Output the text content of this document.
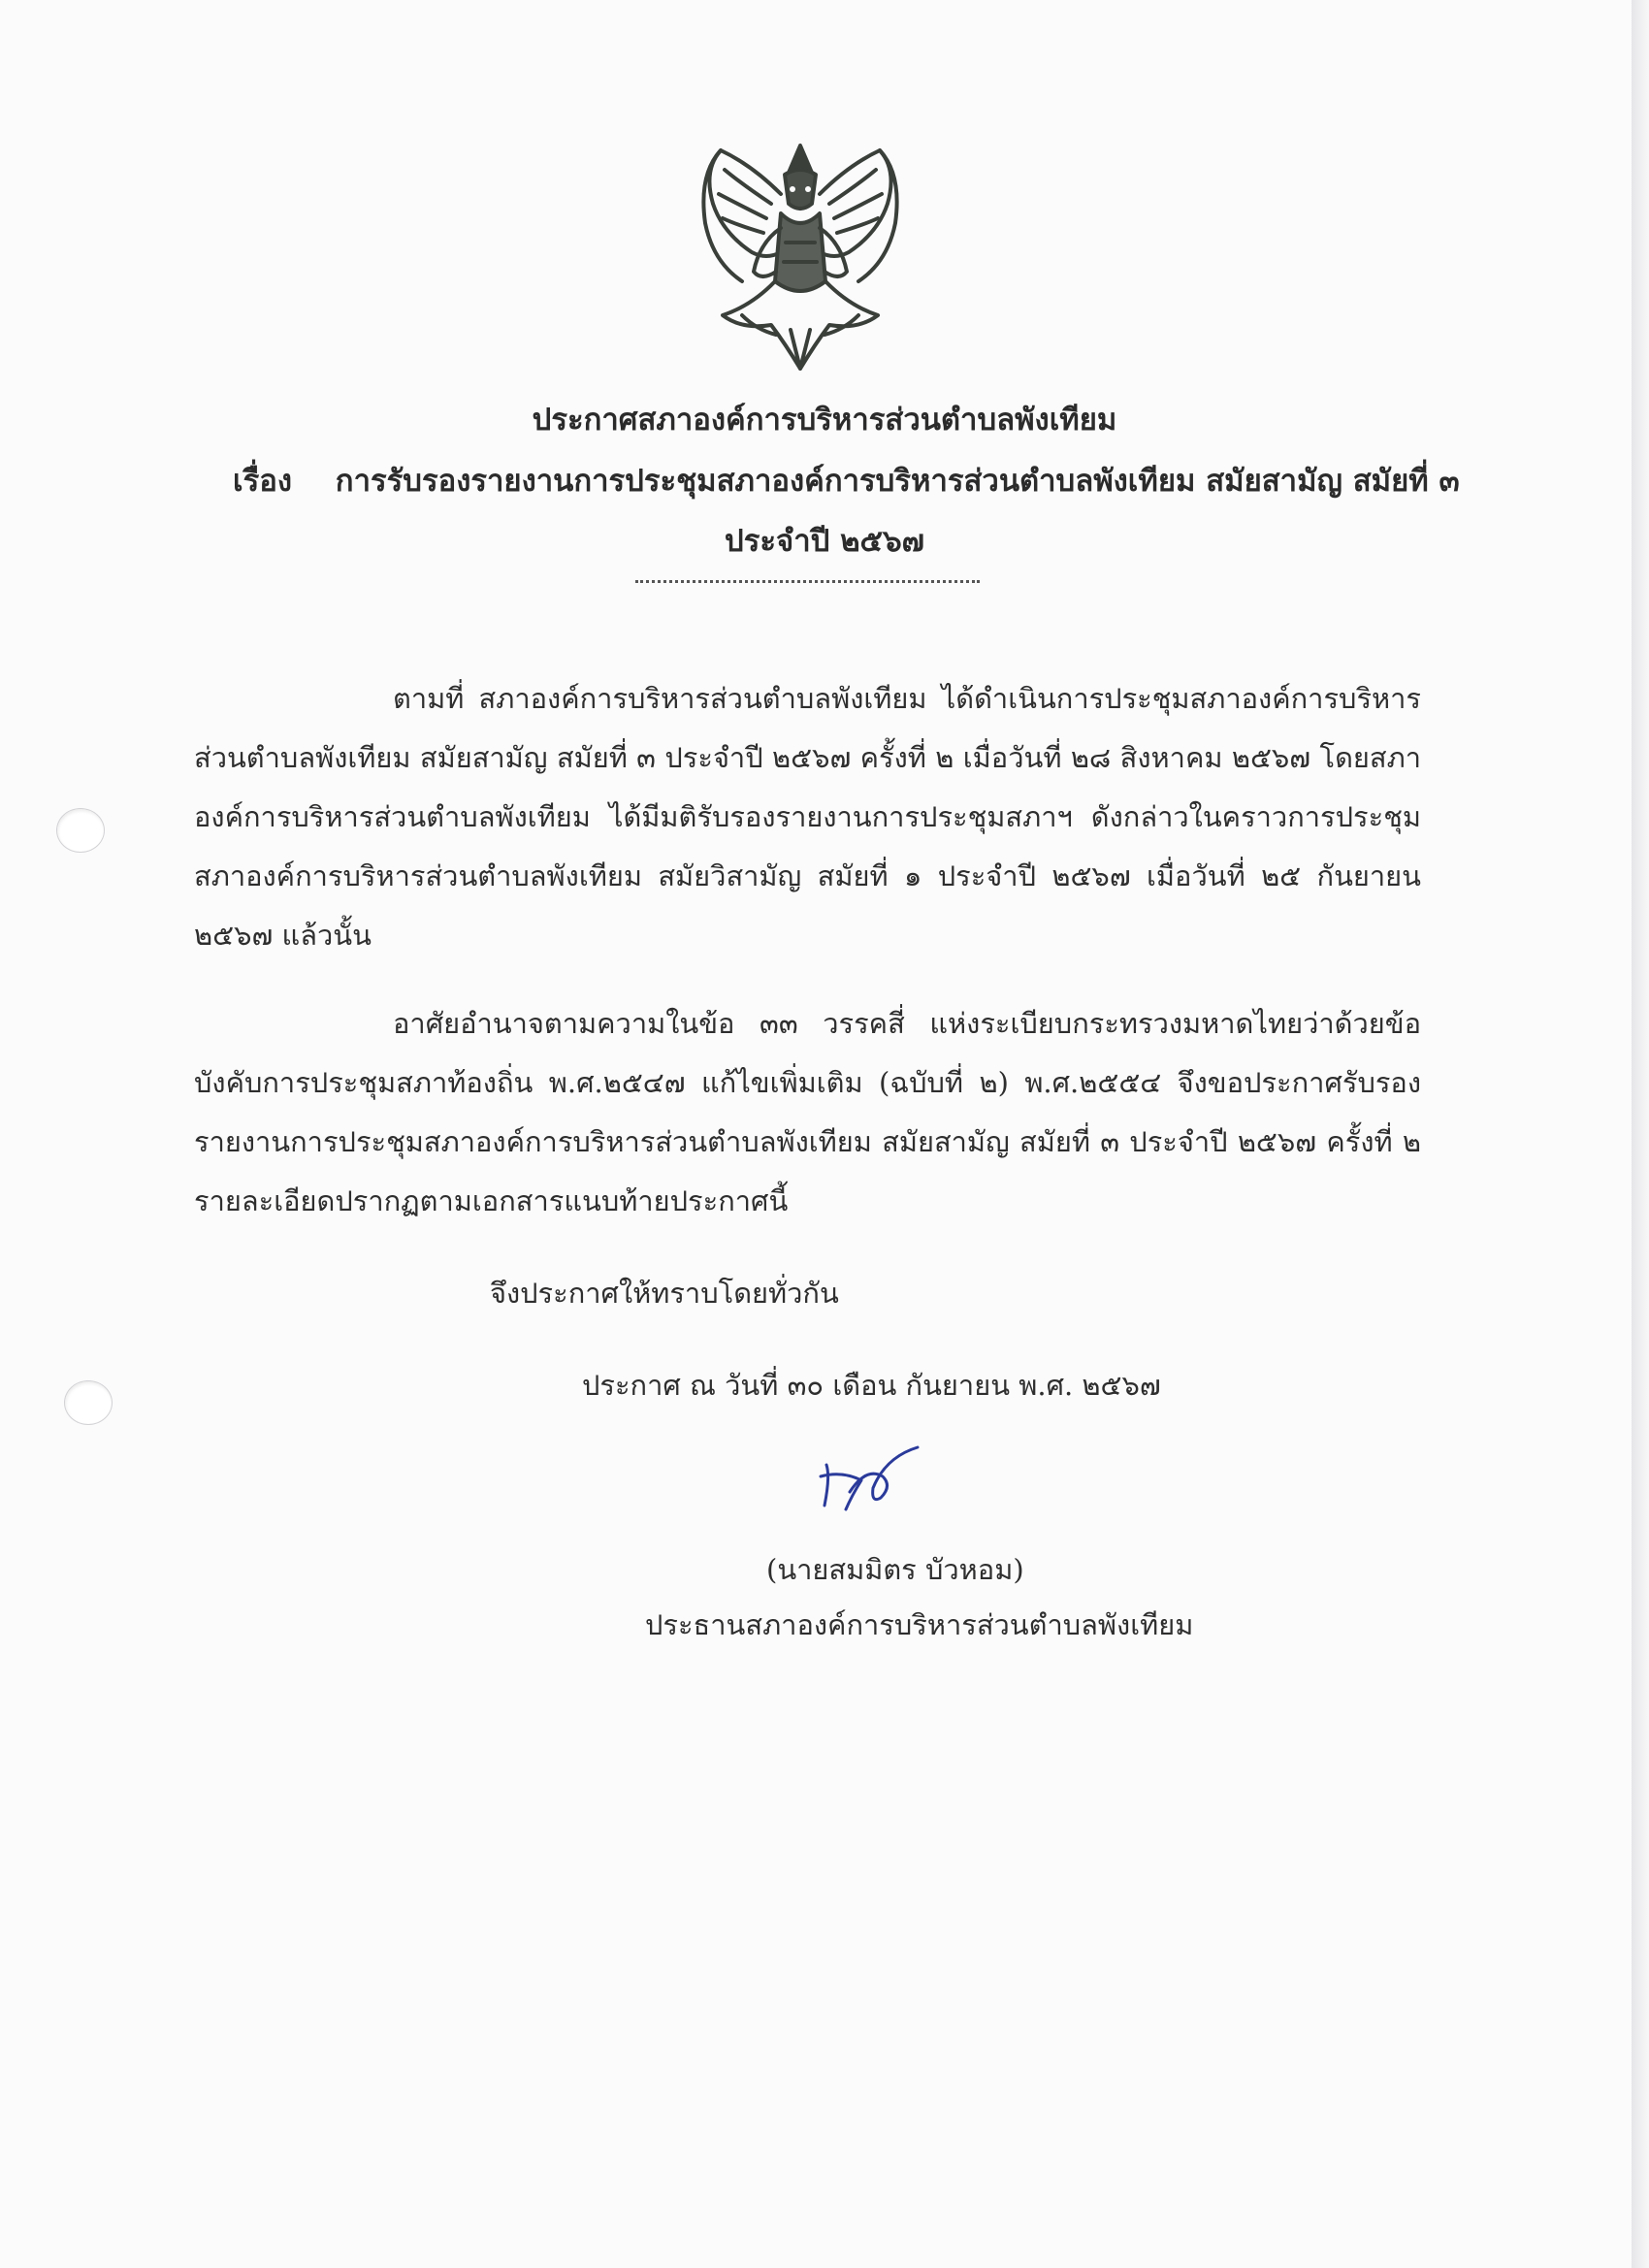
ประกาศสภาองค์การบริหารส่วนตำบลพังเทียม
เรื่อง การรับรองรายงานการประชุมสภาองค์การบริหารส่วนตำบลพังเทียม สมัยสามัญ สมัยที่ ๓
ประจำปี ๒๕๖๗
ตามที่ สภาองค์การบริหารส่วนตำบลพังเทียม ได้ดำเนินการประชุมสภาองค์การบริหารส่วนตำบลพังเทียม สมัยสามัญ สมัยที่ ๓ ประจำปี ๒๕๖๗ ครั้งที่ ๒ เมื่อวันที่ ๒๘ สิงหาคม ๒๕๖๗ โดยสภาองค์การบริหารส่วนตำบลพังเทียม ได้มีมติรับรองรายงานการประชุมสภาฯ ดังกล่าวในคราวการประชุมสภาองค์การบริหารส่วนตำบลพังเทียม สมัยวิสามัญ สมัยที่ ๑ ประจำปี ๒๕๖๗ เมื่อวันที่ ๒๕ กันยายน ๒๕๖๗ แล้วนั้น
อาศัยอำนาจตามความในข้อ ๓๓ วรรคสี่ แห่งระเบียบกระทรวงมหาดไทยว่าด้วยข้อบังคับการประชุมสภาท้องถิ่น พ.ศ.๒๕๔๗ แก้ไขเพิ่มเติม (ฉบับที่ ๒) พ.ศ.๒๕๕๔ จึงขอประกาศรับรองรายงานการประชุมสภาองค์การบริหารส่วนตำบลพังเทียม สมัยสามัญ สมัยที่ ๓ ประจำปี ๒๕๖๗ ครั้งที่ ๒ รายละเอียดปรากฏตามเอกสารแนบท้ายประกาศนี้
จึงประกาศให้ทราบโดยทั่วกัน
ประกาศ ณ วันที่ ๓๐ เดือน กันยายน พ.ศ. ๒๕๖๗
(นายสมมิตร บัวหอม)
ประธานสภาองค์การบริหารส่วนตำบลพังเทียม
